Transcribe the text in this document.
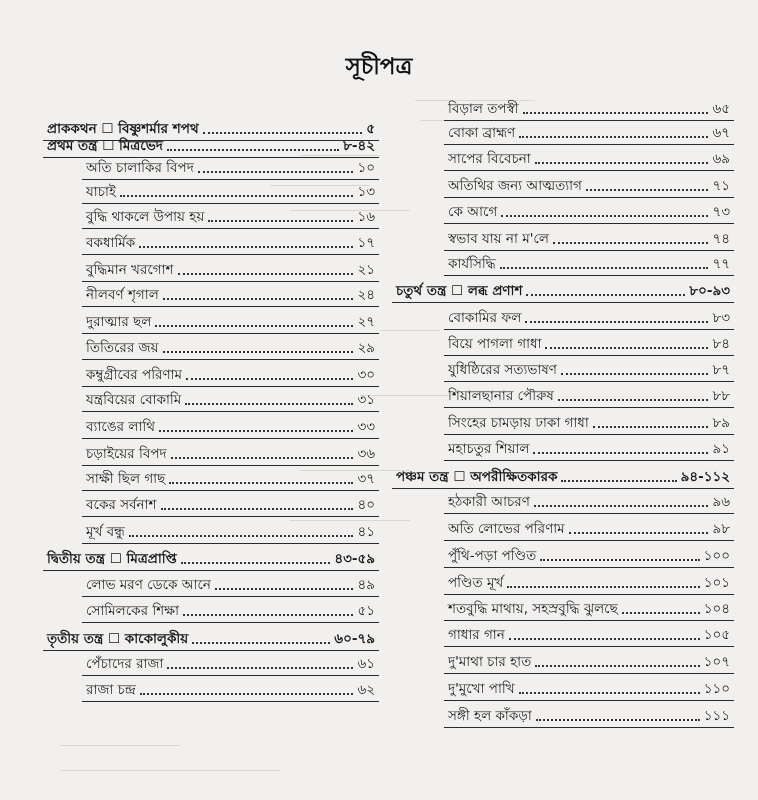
সূচীপত্র
প্রাককথন ☐ বিষ্ণুশর্মার শপথ	৫
প্রথম তন্ত্র ☐ মিত্রভেদ	৮-৪২
অতি চালাকির বিপদ	১০
যাচাই	১৩
বুদ্ধি থাকলে উপায় হয়	১৬
বকধার্মিক	১৭
বুদ্ধিমান খরগোশ	২১
নীলবর্ণ শৃগাল	২৪
দুরাত্মার ছল	২৭
তিতিরের জয়	২৯
কম্বুগ্রীবের পরিণাম	৩০
যন্ত্রবিয়ের বোকামি	৩১
ব্যাঙের লাথি	৩৩
চড়াইয়ের বিপদ	৩৬
সাক্ষী ছিল গাছ	৩৭
বকের সর্বনাশ	৪০
মূর্খ বন্ধু	৪১
দ্বিতীয় তন্ত্র ☐ মিত্রপ্রাপ্তি	৪৩-৫৯
লোভ মরণ ডেকে আনে	৪৯
সোমিলকের শিক্ষা	৫১
তৃতীয় তন্ত্র ☐ কাকোলুকীয়	৬০-৭৯
পেঁচাদের রাজা	৬১
রাজা চন্দ্র	৬২
বিড়াল তপস্বী	৬৫
বোকা ব্রাহ্মণ	৬৭
সাপের বিবেচনা	৬৯
অতিথির জন্য আত্মত্যাগ	৭১
কে আগে	৭৩
স্বভাব যায় না ম'লে	৭৪
কার্যসিদ্ধি	৭৭
চতুর্থ তন্ত্র ☐ লব্ধ প্রণাশ	৮০-৯৩
বোকামির ফল	৮৩
বিয়ে পাগলা গাধা	৮৪
যুধিষ্ঠিরের সত্যভাষণ	৮৭
শিয়ালছানার পৌরুষ	৮৮
সিংহের চামড়ায় ঢাকা গাধা	৮৯
মহাচতুর শিয়াল	৯১
পঞ্চম তন্ত্র ☐ অপরীক্ষিতকারক	৯৪-১১২
হঠকারী আচরণ	৯৬
অতি লোভের পরিণাম	৯৮
পুঁথি-পড়া পণ্ডিত	১০০
পণ্ডিত মূর্খ	১০১
শতবুদ্ধি মাথায়, সহস্রবুদ্ধি ঝুলছে	১০৪
গাধার গান	১০৫
দু'মাথা চার হাত	১০৭
দু'মুখো পাখি	১১০
সঙ্গী হল কাঁকড়া	১১১
